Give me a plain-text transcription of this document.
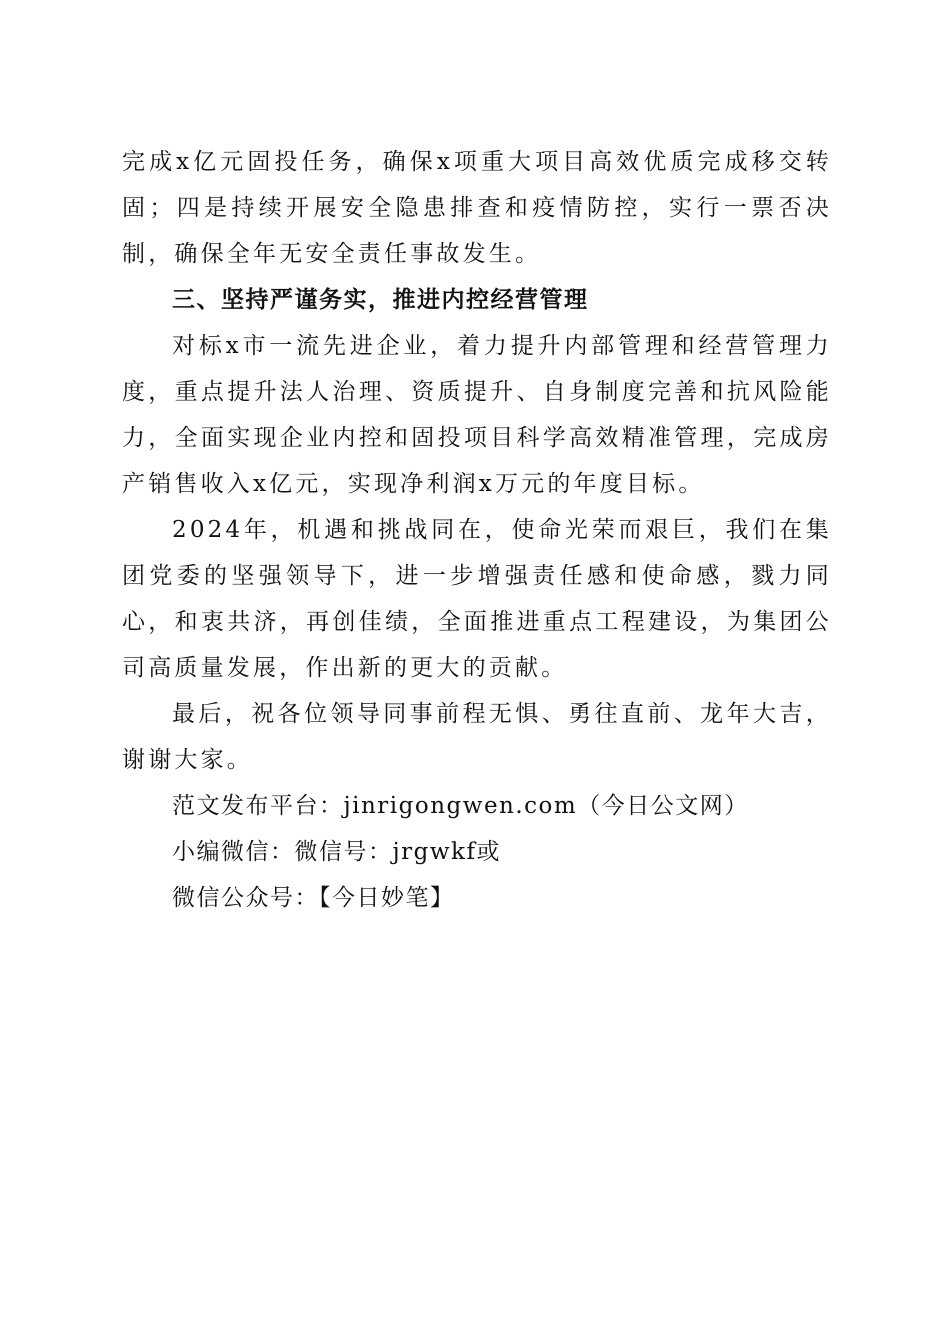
完成x亿元固投任务，确保x项重大项目高效优质完成移交转固；四是持续开展安全隐患排查和疫情防控，实行一票否决制，确保全年无安全责任事故发生。

三、坚持严谨务实，推进内控经营管理

对标x市一流先进企业，着力提升内部管理和经营管理力度，重点提升法人治理、资质提升、自身制度完善和抗风险能力，全面实现企业内控和固投项目科学高效精准管理，完成房产销售收入x亿元，实现净利润x万元的年度目标。

2024年，机遇和挑战同在，使命光荣而艰巨，我们在集团党委的坚强领导下，进一步增强责任感和使命感，戮力同心，和衷共济，再创佳绩，全面推进重点工程建设，为集团公司高质量发展，作出新的更大的贡献。

最后，祝各位领导同事前程无惧、勇往直前、龙年大吉，谢谢大家。

范文发布平台：jinrigongwen.com（今日公文网）

小编微信：微信号：jrgwkf或

微信公众号：【今日妙笔】
